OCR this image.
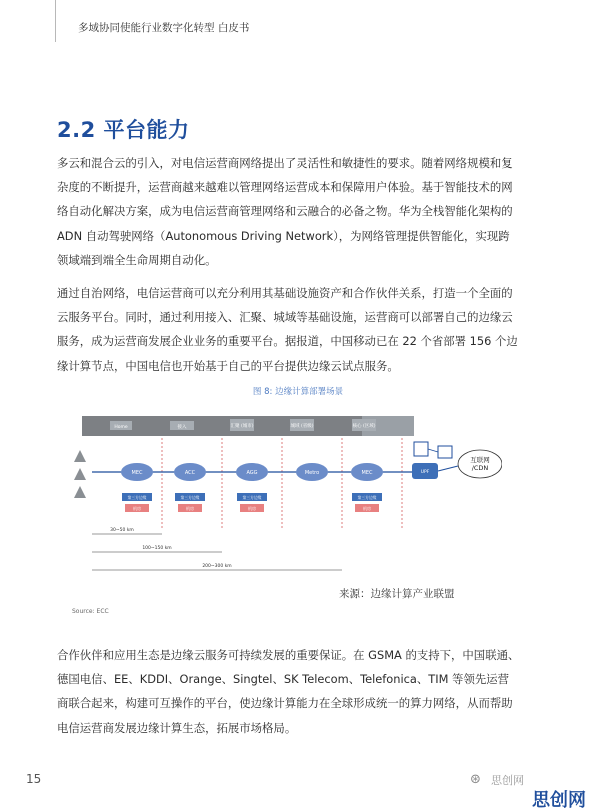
多域协同使能行业数字化转型 白皮书
2.2 平台能力
多云和混合云的引入，对电信运营商网络提出了灵活性和敏捷性的要求。随着网络规模和复
杂度的不断提升，运营商越来越难以管理网络运营成本和保障用户体验。基于智能技术的网
络自动化解决方案，成为电信运营商管理网络和云融合的必备之物。华为全栈智能化架构的
ADN 自动驾驶网络（Autonomous Driving Network），为网络管理提供智能化，实现跨
领域端到端全生命周期自动化。
通过自治网络，电信运营商可以充分利用其基础设施资产和合作伙伴关系，打造一个全面的
云服务平台。同时，通过利用接入、汇聚、城域等基础设施，运营商可以部署自己的边缘云
服务，成为运营商发展企业业务的重要平台。据报道，中国移动已在 22 个省部署 156 个边
缘计算节点，中国电信也开始基于自己的平台提供边缘云试点服务。
图 8: 边缘计算部署场景
Home	接入	汇聚 (城市)	城域 (省级)	核心 (区域)
MEC	ACC	AGG	Metro	MEC	UPF
互联网
/CDN
第三方边缘
机房
第三方边缘
机房
第三方边缘
机房
第三方边缘
机房
30~50 km
100~150 km
200~300 km
来源：边缘计算产业联盟
Source: ECC
合作伙伴和应用生态是边缘云服务可持续发展的重要保证。在 GSMA 的支持下，中国联通、
德国电信、EE、KDDI、Orange、Singtel、SK Telecom、Telefonica、TIM 等领先运营
商联合起来，构建可互操作的平台，使边缘计算能力在全球形成统一的算力网络，从而帮助
电信运营商发展边缘计算生态，拓展市场格局。
15	⊛ 思创网
思创网
